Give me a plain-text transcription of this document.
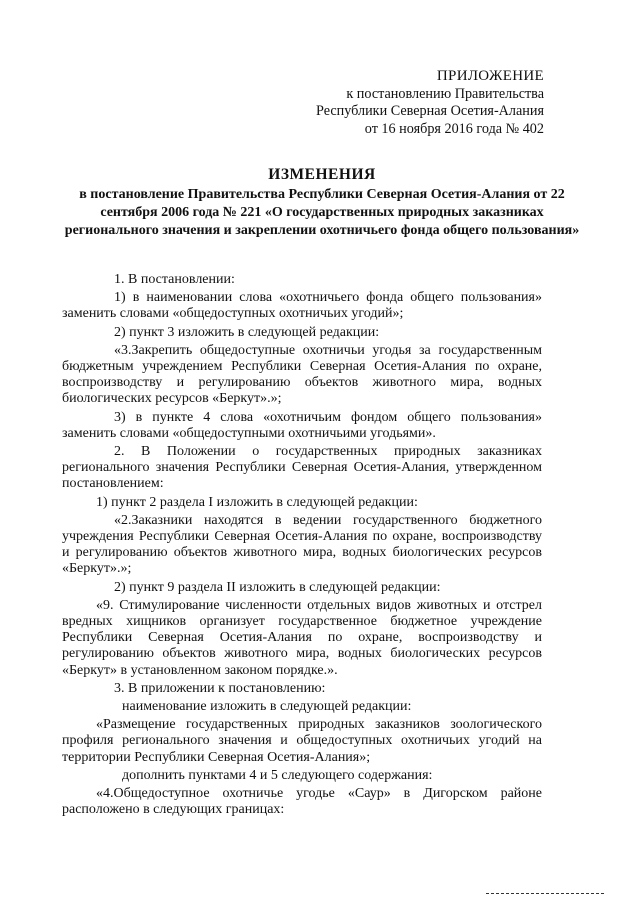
ПРИЛОЖЕНИЕ
к постановлению Правительства
Республики Северная Осетия-Алания
от 16 ноября 2016 года № 402
ИЗМЕНЕНИЯ
в постановление Правительства Республики Северная Осетия-Алания от 22 сентября 2006 года № 221 «О государственных природных заказниках регионального значения и закреплении охотничьего фонда общего пользования»

1. В постановлении:

1) в наименовании слова «охотничьего фонда общего пользования» заменить словами «общедоступных охотничьих угодий»;

2) пункт 3 изложить в следующей редакции:

«3.Закрепить общедоступные охотничьи угодья за государственным бюджетным учреждением Республики Северная Осетия-Алания по охране, воспроизводству и регулированию объектов животного мира, водных биологических ресурсов «Беркут».»;

3) в пункте 4 слова «охотничьим фондом общего пользования» заменить словами «общедоступными охотничьими угодьями».

2. В Положении о государственных природных заказниках регионального значения Республики Северная Осетия-Алания, утвержденном постановлением:

1) пункт 2 раздела I изложить в следующей редакции:

«2.Заказники находятся в ведении государственного бюджетного учреждения Республики Северная Осетия-Алания по охране, воспроизводству и регулированию объектов животного мира, водных биологических ресурсов «Беркут».»;

2) пункт 9 раздела II изложить в следующей редакции:

«9. Стимулирование численности отдельных видов животных и отстрел вредных хищников организует государственное бюджетное учреждение Республики Северная Осетия-Алания по охране, воспроизводству и регулированию объектов животного мира, водных биологических ресурсов «Беркут» в установленном законом порядке.».

3. В приложении к постановлению:

наименование изложить в следующей редакции:

«Размещение государственных природных заказников зоологического профиля регионального значения и общедоступных охотничьих угодий на территории Республики Северная Осетия-Алания»;

дополнить пунктами 4 и 5 следующего содержания:

«4.Общедоступное охотничье угодье «Саур» в Дигорском районе расположено в следующих границах:
